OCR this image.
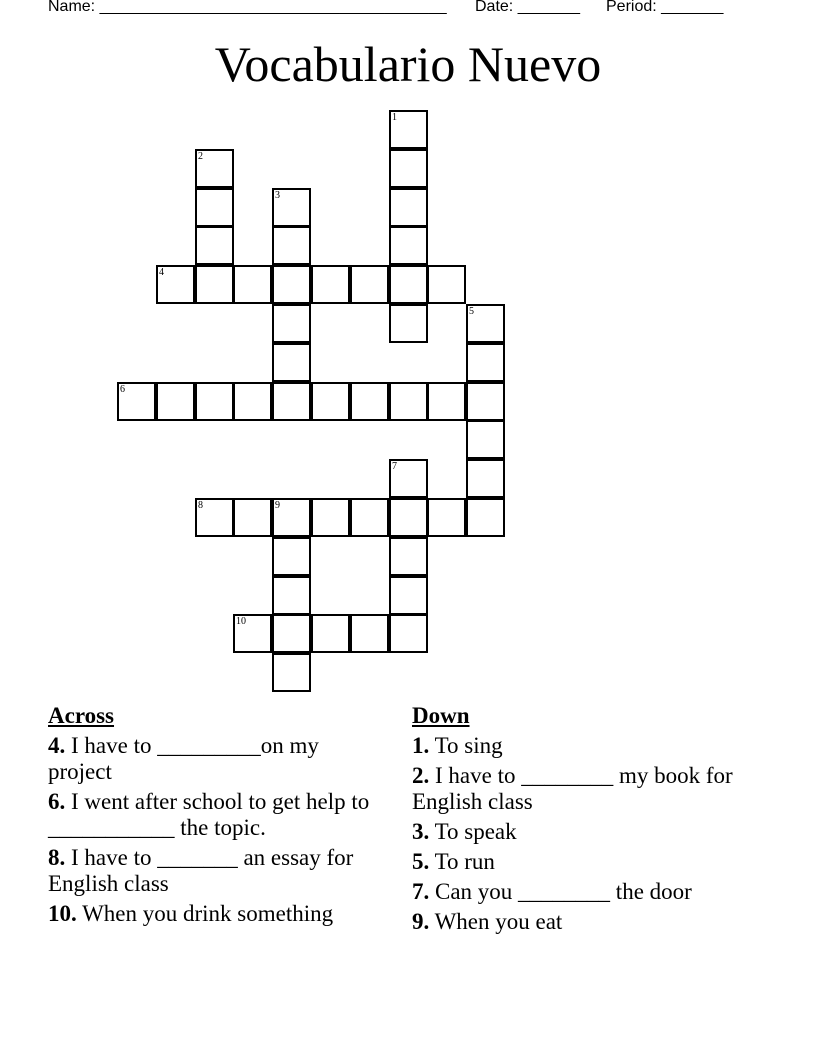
Name: _______________________________________

Date: _______

Period: _______

Vocabulario Nuevo
1
2
3
4
5
6
7
8	9
10
Across
4. I have to _________on my project
6. I went after school to get help to ___________ the topic.
8. I have to _______ an essay for English class
10. When you drink something
Down
1. To sing
2. I have to ________ my book for English class
3. To speak
5. To run
7. Can you ________ the door
9. When you eat
